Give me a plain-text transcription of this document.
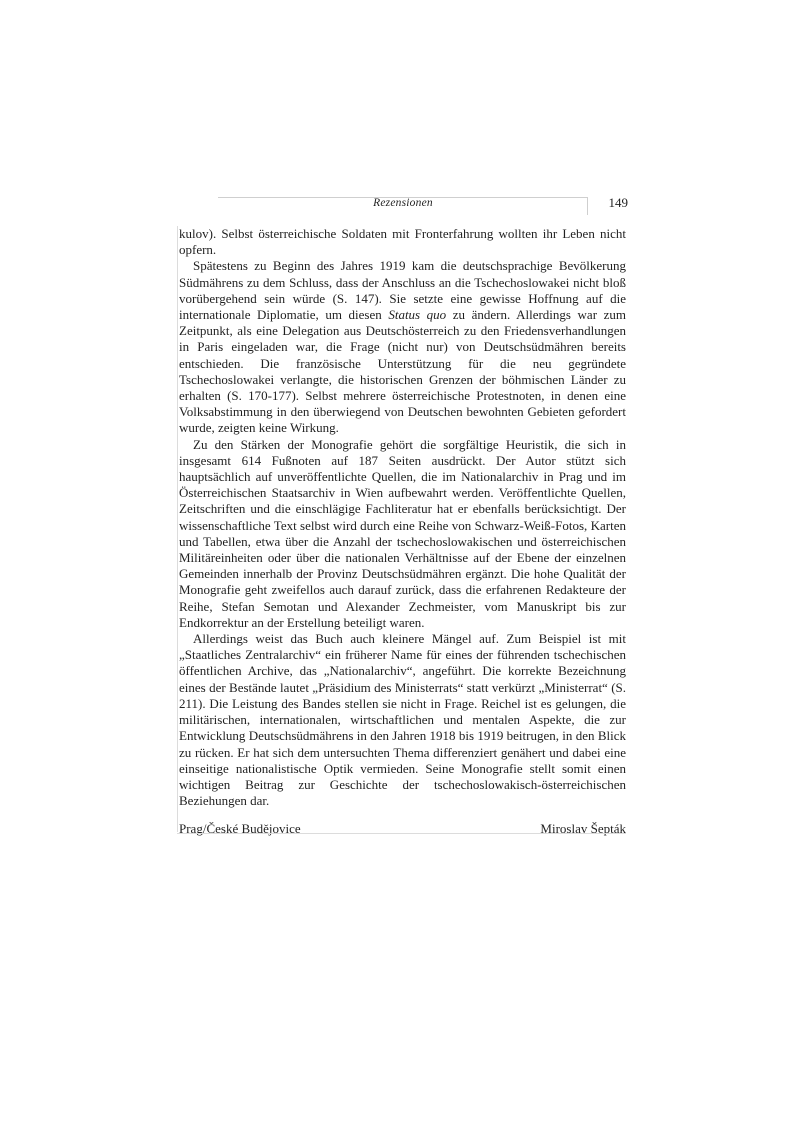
Rezensionen	149

kulov). Selbst österreichische Soldaten mit Fronterfahrung wollten ihr Leben nicht opfern.

Spätestens zu Beginn des Jahres 1919 kam die deutschsprachige Bevölkerung Südmährens zu dem Schluss, dass der Anschluss an die Tschechoslowakei nicht bloß vorübergehend sein würde (S. 147). Sie setzte eine gewisse Hoffnung auf die internationale Diplomatie, um diesen Status quo zu ändern. Allerdings war zum Zeitpunkt, als eine Delegation aus Deutschösterreich zu den Friedensverhandlungen in Paris eingeladen war, die Frage (nicht nur) von Deutschsüdmähren bereits entschieden. Die französische Unterstützung für die neu gegründete Tschechoslowakei verlangte, die historischen Grenzen der böhmischen Länder zu erhalten (S. 170-177). Selbst mehrere österreichische Protestnoten, in denen eine Volksabstimmung in den überwiegend von Deutschen bewohnten Gebieten gefordert wurde, zeigten keine Wirkung.

Zu den Stärken der Monografie gehört die sorgfältige Heuristik, die sich in insgesamt 614 Fußnoten auf 187 Seiten ausdrückt. Der Autor stützt sich hauptsächlich auf unveröffentlichte Quellen, die im Nationalarchiv in Prag und im Österreichischen Staatsarchiv in Wien aufbewahrt werden. Veröffentlichte Quellen, Zeitschriften und die einschlägige Fachliteratur hat er ebenfalls berücksichtigt. Der wissenschaftliche Text selbst wird durch eine Reihe von Schwarz-Weiß-Fotos, Karten und Tabellen, etwa über die Anzahl der tschechoslowakischen und österreichischen Militäreinheiten oder über die nationalen Verhältnisse auf der Ebene der einzelnen Gemeinden innerhalb der Provinz Deutschsüdmähren ergänzt. Die hohe Qualität der Monografie geht zweifellos auch darauf zurück, dass die erfahrenen Redakteure der Reihe, Stefan Semotan und Alexander Zechmeister, vom Manuskript bis zur Endkorrektur an der Erstellung beteiligt waren.

Allerdings weist das Buch auch kleinere Mängel auf. Zum Beispiel ist mit „Staatliches Zentralarchiv“ ein früherer Name für eines der führenden tschechischen öffentlichen Archive, das „Nationalarchiv“, angeführt. Die korrekte Bezeichnung eines der Bestände lautet „Präsidium des Ministerrats“ statt verkürzt „Ministerrat“ (S. 211). Die Leistung des Bandes stellen sie nicht in Frage. Reichel ist es gelungen, die militärischen, internationalen, wirtschaftlichen und mentalen Aspekte, die zur Entwicklung Deutschsüdmährens in den Jahren 1918 bis 1919 beitrugen, in den Blick zu rücken. Er hat sich dem untersuchten Thema differenziert genähert und dabei eine einseitige nationalistische Optik vermieden. Seine Monografie stellt somit einen wichtigen Beitrag zur Geschichte der tschechoslowakisch-österreichischen Beziehungen dar.

Prag/České Budějovice	Miroslav Šepták
